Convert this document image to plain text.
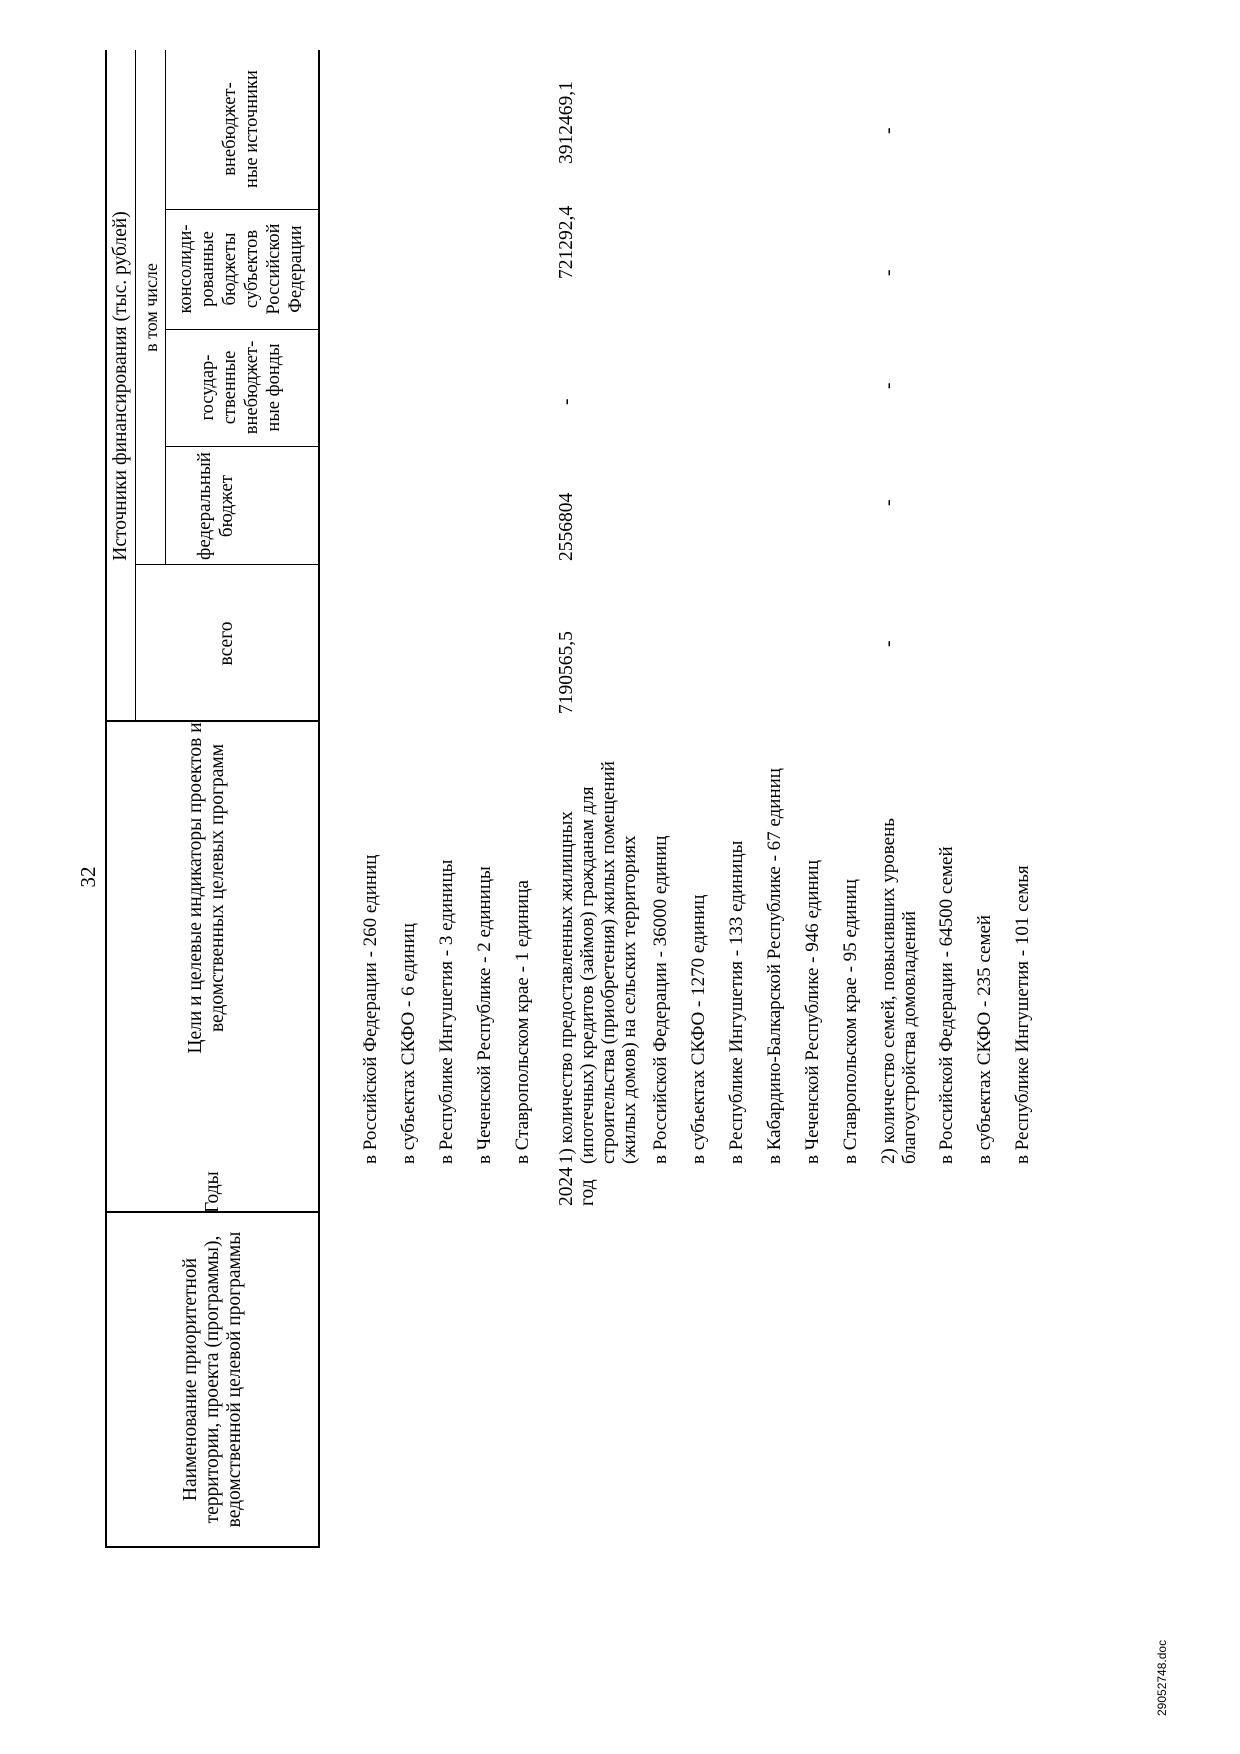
32
Наименование приоритетной территории, проекта (программы), ведомственной целевой программы
Годы
Цели и целевые индикаторы проектов и ведомственных целевых программ
Источники финансирования (тыс. рублей)
всего
в том числе
федеральный бюджет
государ-ственные внебюджет-ные фонды
консолиди-рованные бюджеты субъектов Российской Федерации
внебюджет-ные источники
в Российской Федерации - 260 единиц в субъектах СКФО - 6 единиц в Республике Ингушетия - 3 единицы в Чеченской Республике - 2 единицы в Ставропольском крае - 1 единица
2024 год
1) количество предоставленных жилищных (ипотечных) кредитов (займов) гражданам для строительства (приобретения) жилых помещений (жилых домов) на сельских территориях
7190565,5
2556804
-
721292,4
3912469,1
в Российской Федерации - 36000 единиц в субъектах СКФО - 1270 единиц в Республике Ингушетия - 133 единицы в Кабардино-Балкарской Республике - 67 единиц в Чеченской Республике - 946 единиц в Ставропольском крае - 95 единиц 2) количество семей, повысивших уровень благоустройства домовладений
-
-
-
-
-
в Российской Федерации - 64500 семей в субъектах СКФО - 235 семей в Республике Ингушетия - 101 семья
29052748.doc
